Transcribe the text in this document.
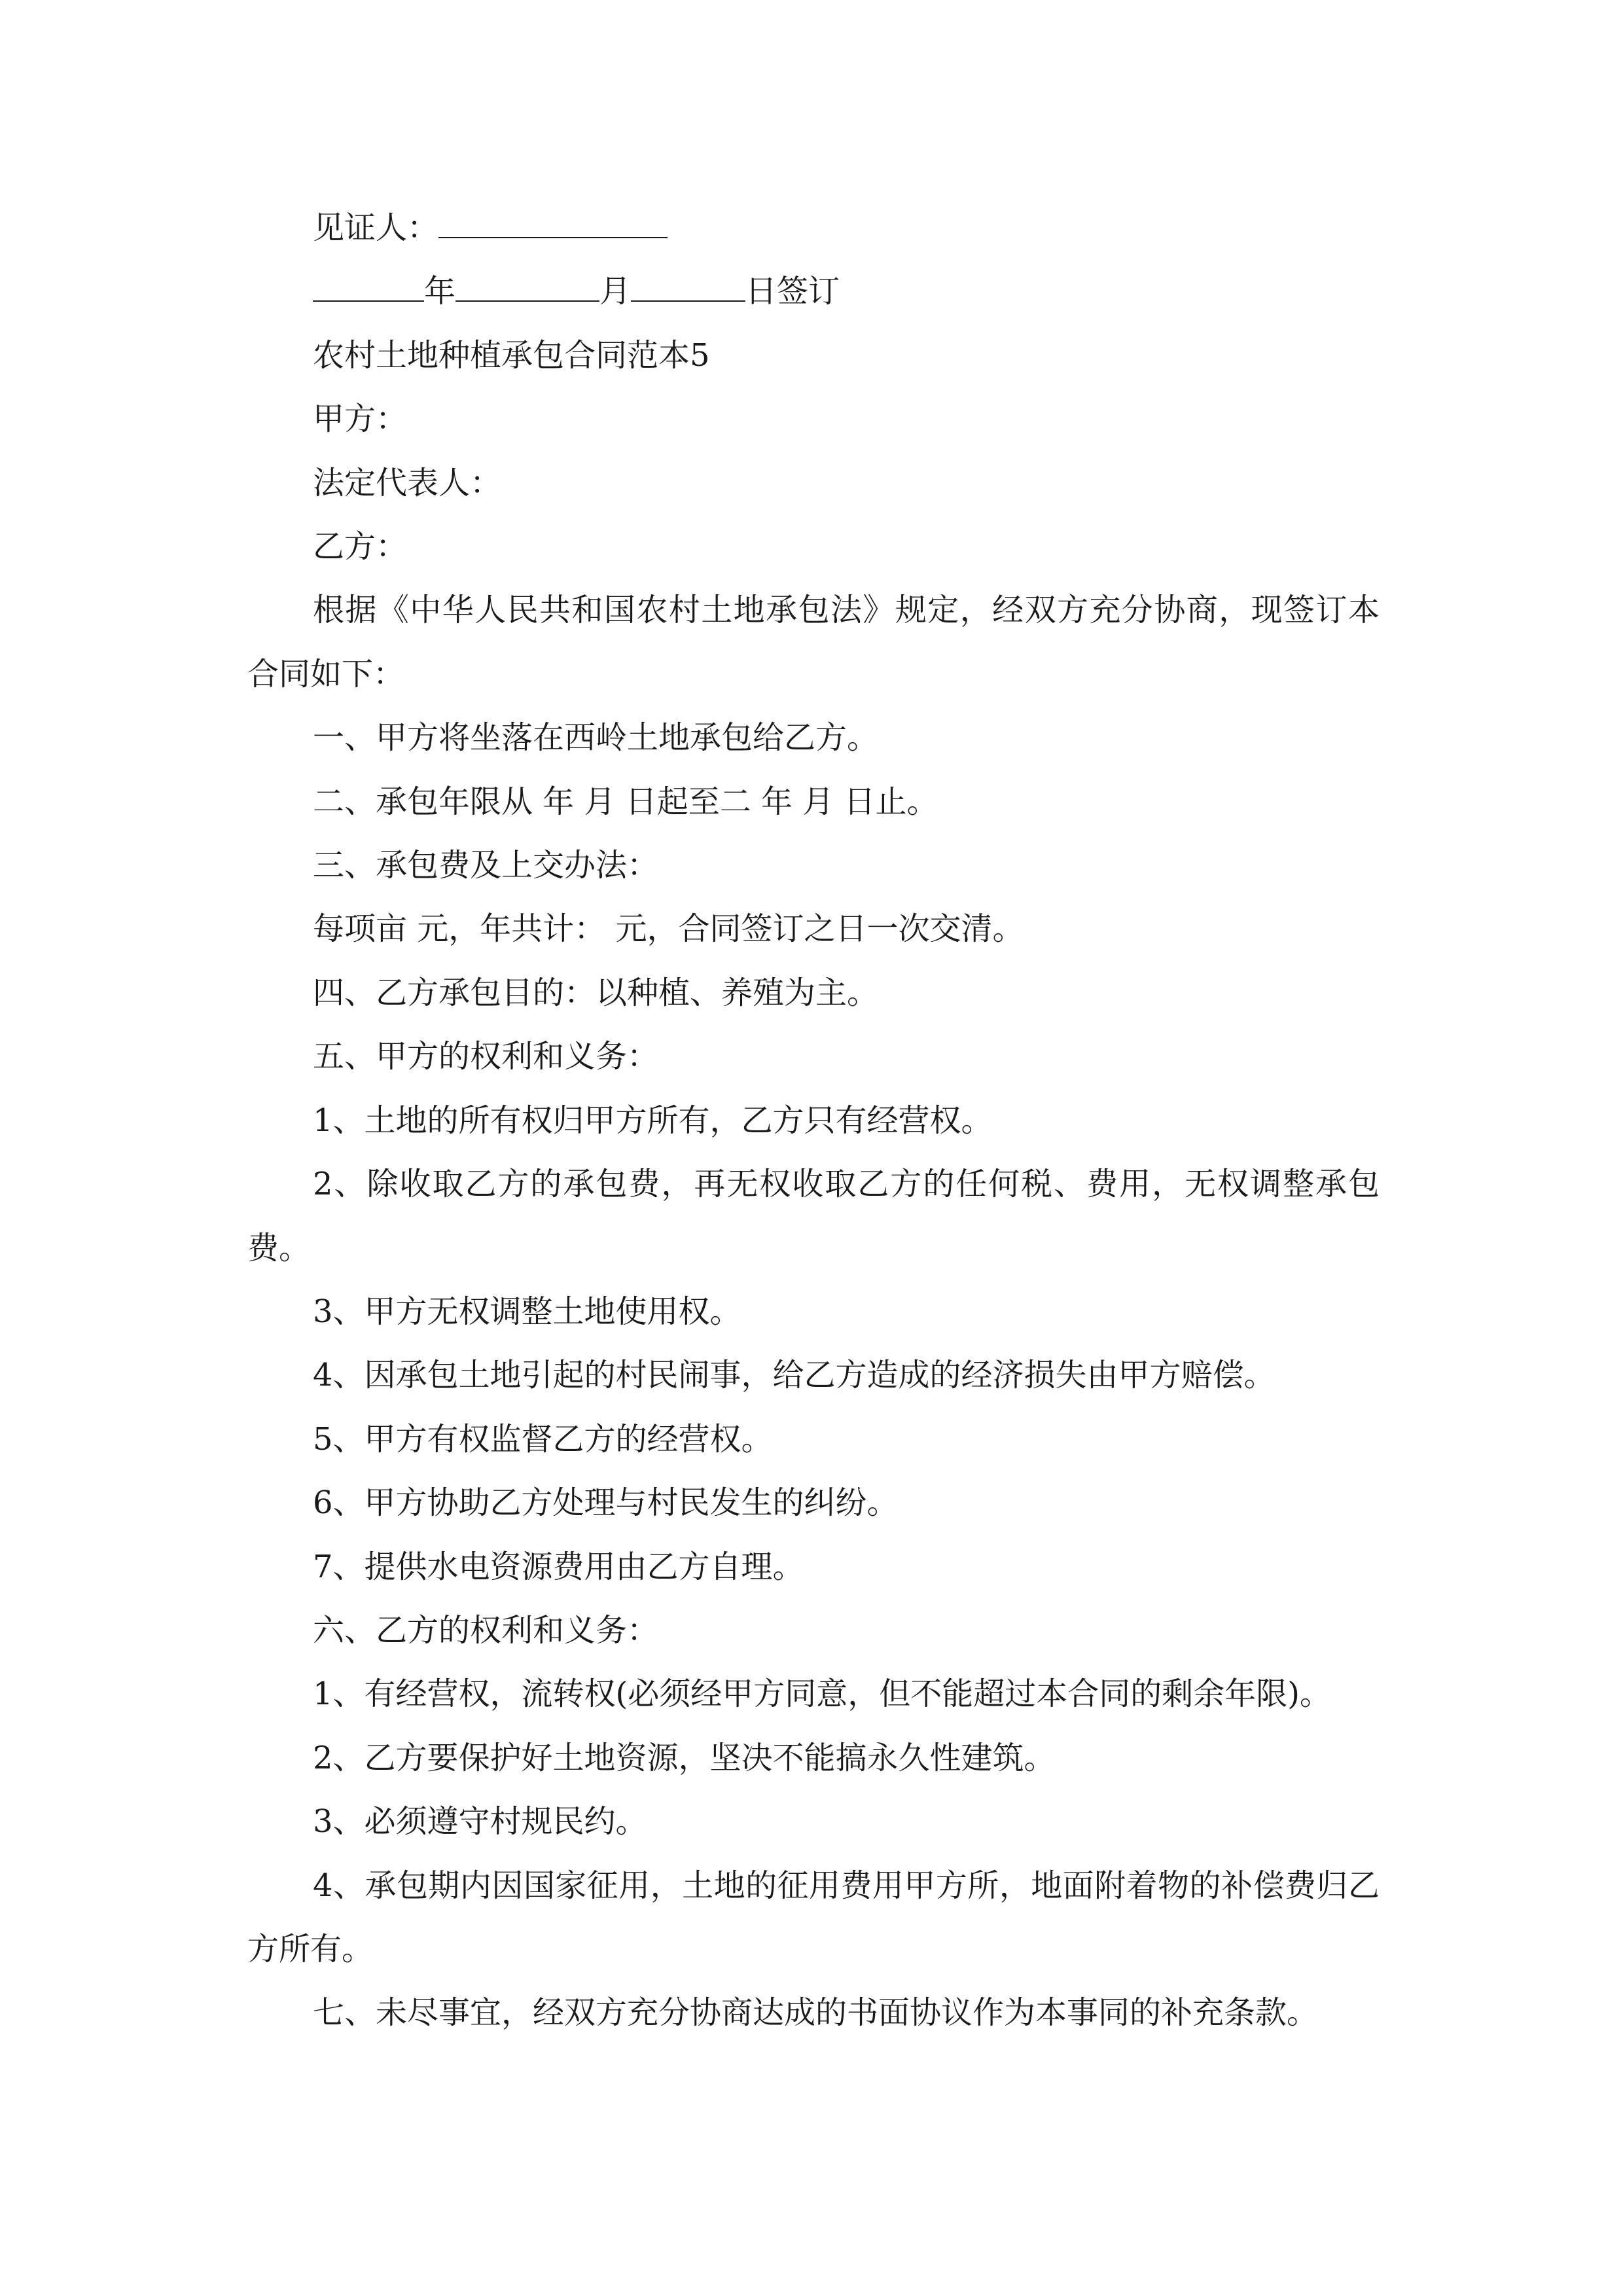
见证人：

年	月	日签订

农村土地种植承包合同范本5

甲方：

法定代表人：

乙方：

根据《中华人民共和国农村土地承包法》规定，经双方充分协商，现签订本合同如下：

一、甲方将坐落在西岭土地承包给乙方。

二、承包年限从 年 月 日起至二 年 月 日止。

三、承包费及上交办法：

每项亩 元，年共计： 元，合同签订之日一次交清。

四、乙方承包目的：以种植、养殖为主。

五、甲方的权利和义务：

1、土地的所有权归甲方所有，乙方只有经营权。

2、除收取乙方的承包费，再无权收取乙方的任何税、费用，无权调整承包费。

3、甲方无权调整土地使用权。

4、因承包土地引起的村民闹事，给乙方造成的经济损失由甲方赔偿。

5、甲方有权监督乙方的经营权。

6、甲方协助乙方处理与村民发生的纠纷。

7、提供水电资源费用由乙方自理。

六、乙方的权利和义务：

1、有经营权，流转权(必须经甲方同意，但不能超过本合同的剩余年限)。

2、乙方要保护好土地资源，坚决不能搞永久性建筑。

3、必须遵守村规民约。

4、承包期内因国家征用，土地的征用费用甲方所，地面附着物的补偿费归乙方所有。

七、未尽事宜，经双方充分协商达成的书面协议作为本事同的补充条款。
